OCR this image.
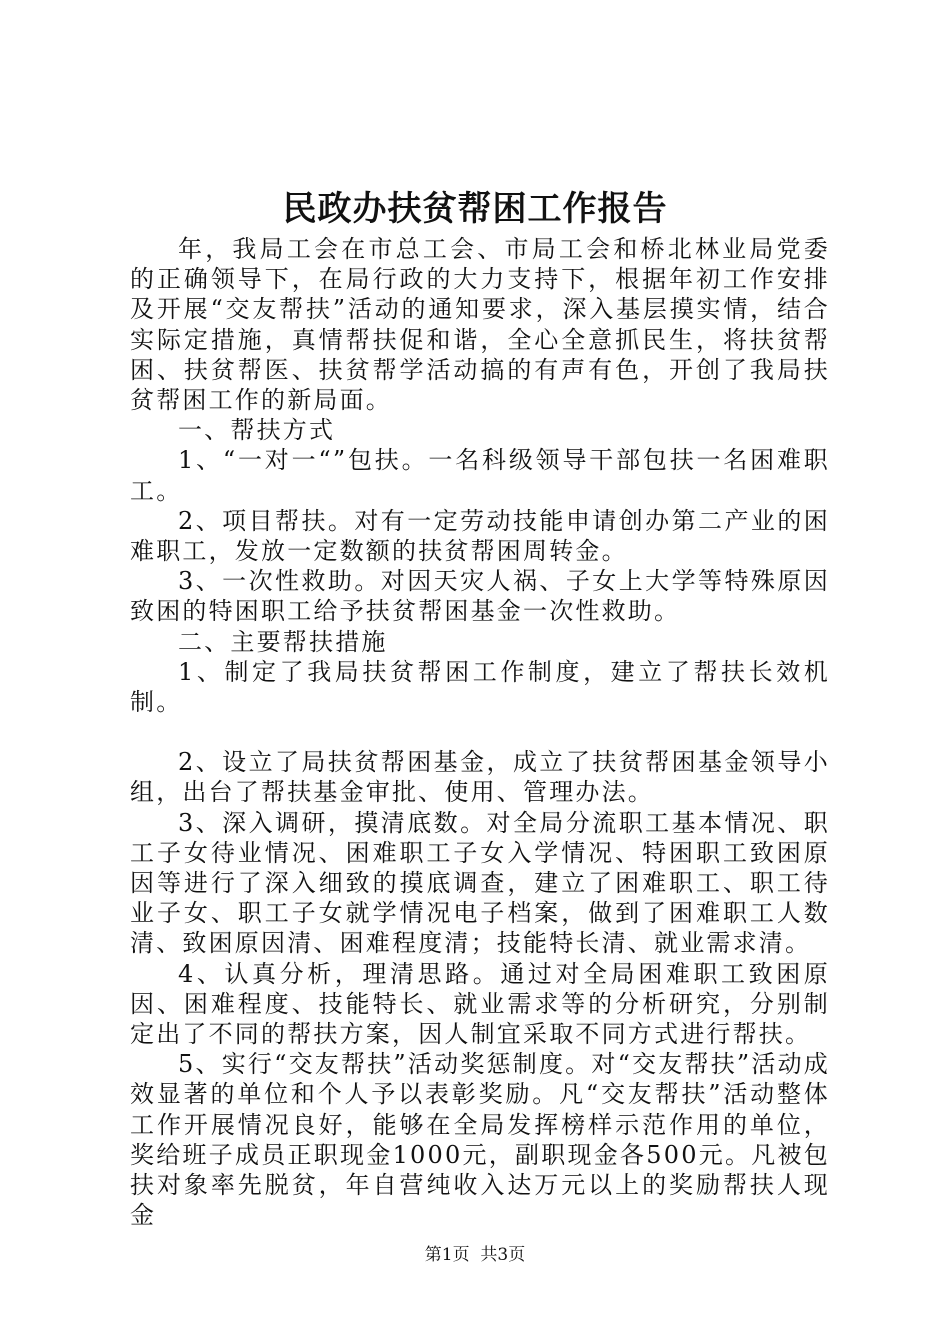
民政办扶贫帮困工作报告

年，我局工会在市总工会、市局工会和桥北林业局党委的正确领导下，在局行政的大力支持下，根据年初工作安排及开展“交友帮扶”活动的通知要求，深入基层摸实情，结合实际定措施，真情帮扶促和谐，全心全意抓民生，将扶贫帮困、扶贫帮医、扶贫帮学活动搞的有声有色，开创了我局扶贫帮困工作的新局面。

一、帮扶方式

1、“一对一“”包扶。一名科级领导干部包扶一名困难职工。

2、项目帮扶。对有一定劳动技能申请创办第二产业的困难职工，发放一定数额的扶贫帮困周转金。

3、一次性救助。对因天灾人祸、子女上大学等特殊原因致困的特困职工给予扶贫帮困基金一次性救助。

二、主要帮扶措施

1、制定了我局扶贫帮困工作制度，建立了帮扶长效机制。

2、设立了局扶贫帮困基金，成立了扶贫帮困基金领导小组，出台了帮扶基金审批、使用、管理办法。

3、深入调研，摸清底数。对全局分流职工基本情况、职工子女待业情况、困难职工子女入学情况、特困职工致困原因等进行了深入细致的摸底调查，建立了困难职工、职工待业子女、职工子女就学情况电子档案，做到了困难职工人数清、致困原因清、困难程度清；技能特长清、就业需求清。

4、认真分析，理清思路。通过对全局困难职工致困原因、困难程度、技能特长、就业需求等的分析研究，分别制定出了不同的帮扶方案，因人制宜采取不同方式进行帮扶。

5、实行“交友帮扶”活动奖惩制度。对“交友帮扶”活动成效显著的单位和个人予以表彰奖励。凡“交友帮扶”活动整体工作开展情况良好，能够在全局发挥榜样示范作用的单位，奖给班子成员正职现金1000元，副职现金各500元。凡被包扶对象率先脱贫，年自营纯收入达万元以上的奖励帮扶人现金

第1页  共3页
